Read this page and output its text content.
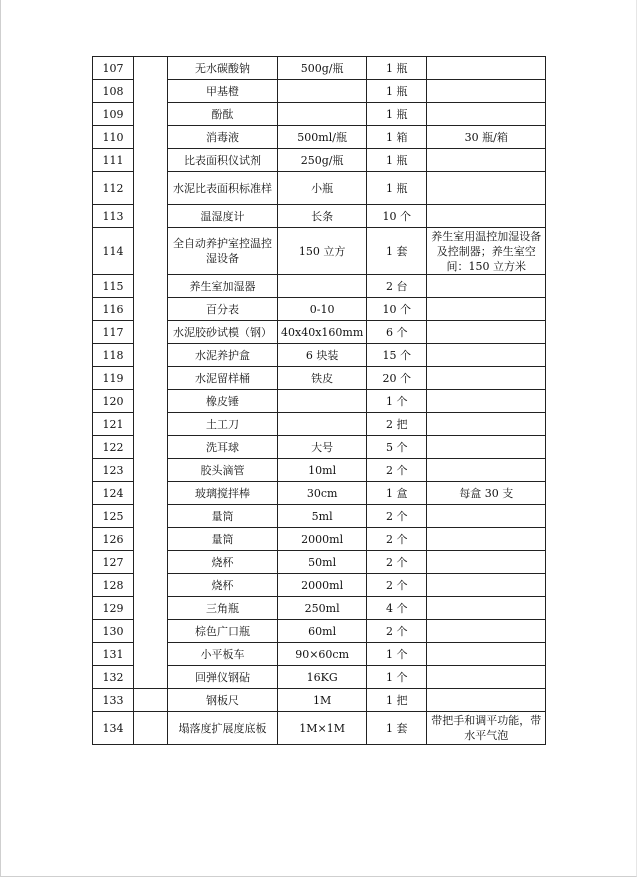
107		无水碳酸钠	500g/瓶	1 瓶	
108		甲基橙		1 瓶	
109		酚酞		1 瓶	
110		消毒液	500ml/瓶	1 箱	30 瓶/箱
111		比表面积仪试剂	250g/瓶	1 瓶	
112		水泥比表面积标准样	小瓶	1 瓶	
113		温湿度计	长条	10 个	
114		全自动养护室控温控湿设备	150 立方	1 套	养生室用温控加湿设备及控制器；养生室空间：150 立方米
115		养生室加湿器		2 台	
116		百分表	0-10	10 个	
117		水泥胶砂试模（钢）	40x40x160mm	6 个	
118		水泥养护盒	6 块装	15 个	
119		水泥留样桶	铁皮	20 个	
120		橡皮锤		1 个	
121		土工刀		2 把	
122		洗耳球	大号	5 个	
123		胶头滴管	10ml	2 个	
124		玻璃搅拌棒	30cm	1 盒	每盒 30 支
125		量筒	5ml	2 个	
126		量筒	2000ml	2 个	
127		烧杯	50ml	2 个	
128		烧杯	2000ml	2 个	
129		三角瓶	250ml	4 个	
130		棕色广口瓶	60ml	2 个	
131		小平板车	90×60cm	1 个	
132		回弹仪钢砧	16KG	1 个	
133		钢板尺	1M	1 把	
134		塌落度扩展度底板	1M×1M	1 套	带把手和调平功能，带水平气泡
